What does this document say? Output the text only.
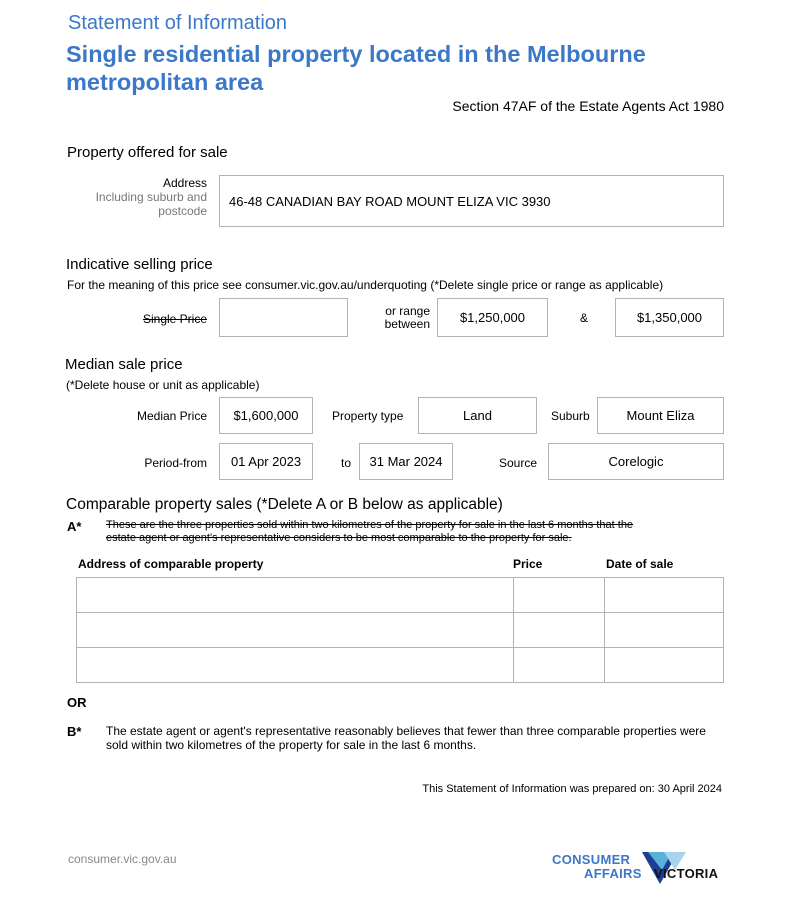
Statement of Information
Single residential property located in the Melbourne metropolitan area
Section 47AF of the Estate Agents Act 1980
Property offered for sale
Address
Including suburb and
postcode
46-48 CANADIAN BAY ROAD MOUNT ELIZA VIC 3930
Indicative selling price
For the meaning of this price see consumer.vic.gov.au/underquoting (*Delete single price or range as applicable)
Single Price
or range
between $1,250,000	&	$1,350,000
Median sale price
(*Delete house or unit as applicable)
Median Price $1,600,000	Property type	Land	Suburb	Mount Eliza
Period-from 01 Apr 2023	to 31 Mar 2024	Source	Corelogic
Comparable property sales (*Delete A or B below as applicable)
A* These are the three properties sold within two kilometres of the property for sale in the last 6 months that the
estate agent or agent's representative considers to be most comparable to the property for sale.
Address of comparable property	Price	Date of sale

OR
B* The estate agent or agent's representative reasonably believes that fewer than three comparable properties were
sold within two kilometres of the property for sale in the last 6 months.
This Statement of Information was prepared on: 30 April 2024
consumer.vic.gov.au	CONSUMER
AFFAIRS VICTORIA
